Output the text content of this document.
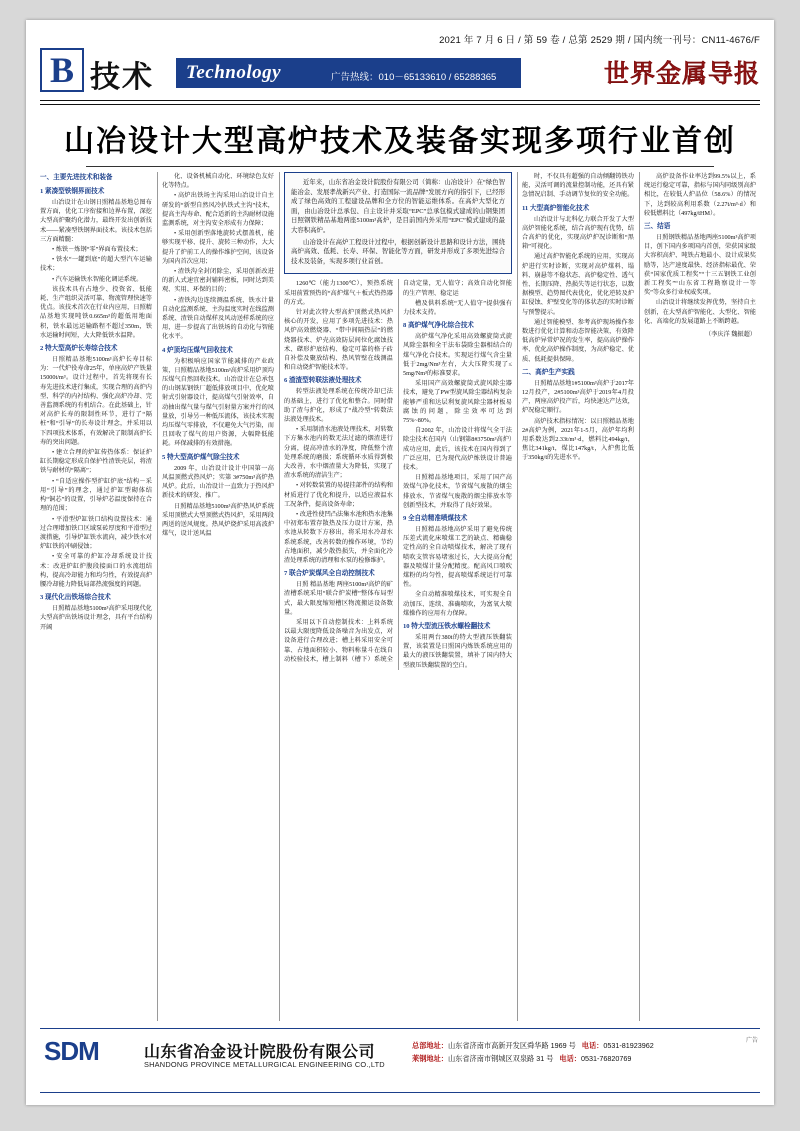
2021 年 7 月 6 日 / 第 59 卷 / 总第 2529 期 / 国内统一刊号：CN11-4676/F
B 技术 Technology	广告热线：010－65133610 / 65288365	世界金属导报
山冶设计大型高炉技术及装备实现多项行业首创
一、主要先进技术和装备
1 紧凑型铁钢界面技术

山冶设计在山钢日照精品基地总图布置方面，优化工序衔接和边界布置，深挖大型高炉聚约化潜力，最终开发出创新技术——紧凑型铁钢界面技术。该技术包括三方面精髓：

• 炼铁－炼钢“零”界面布置技术；

• 铁水“一罐到底”的超大型汽车运输技术；

• 汽车运输铁水智能化调运系统。

该技术具有占地少、投资省、低能耗、生产组织灵活可靠、物流管理快速等优点。该技术首次在行业内应用，日照精品基地实现吨铁0.665m³的超低用地面积，铁水最远运输路程不超过350m，铁水运输时间短，大大降低铁水温降。

2 特大型高炉长寿综合技术

日照精品基地5100m³高炉长寿目标为：一代炉役寿命25年，单座高炉产铁量15000t/m³。设计过程中，首先将现有长寿先进技术进行集成，实现合理的高炉内型、科学的内衬结构、强化高炉冷却、完善监测系统的有机结合。在此基础上，针对高炉长寿的限制性环节，进行了“隔桩”和“引导”的长寿设计理念，并采用以下四项技术体系，有效解决了限制高炉长寿的突出问题。

• 建立合理的炉缸传热体系：保证炉缸长期稳定形成自保护性渣铁壳层，将渣铁与耐材的“隔离”；

• “自适应操作型炉缸炉底”结构－采用“引导”的理念，通过炉缸型砌体结构“铜芯”的设置，引导炉芯温度保持在合理的范围；

• 平滑型炉缸铁口结构设置技术：通过合理增加铁口区域泵砖厚度和平滑型过渡措施，引导炉缸铁水流向，减少铁水对炉缸铁的冲刷侵蚀；

• 安全可靠的炉缸冷却系统设计技术：改进炉缸炉腹段接面口的水流组结构，提高冷却能力和均匀性，有效提高炉腰冷却能力降低局部热流强度的问题。

3 现代化出铁场综合技术

日照精品基地5100m³高炉采用现代化大型高炉出铁场设计理念，具有平台结构开阔

化、设备机械自动化、环境绿色友好化等特点。

• 高炉出铁场主沟采用山冶设计自主研发的“新型自然风冷扒铁式主沟”技术，提高主沟寿命、配合适新的主沟耐材设施监测系统，对主沟安全形成有力保障；

• 采用创新型落地旋转式摆盖机，能够实现平移、提升、旋转三种动作，大大提升了炉前工人的操作维护空间，该设备为国内首次应用；

• 渣铁沟全封闭除尘，采用创新改进的新人式速宜密封辅料密板，同时达到美观、实用、环保的目的；

• 渣铁沟边连续测温系统、铁水计量自动化监测系统、主沟温度实时在线监测系统、渣铁自动煤样及风动送样系统的应用，进一步提高了出铁场的自动化与智能化水平。

4 炉顶均压煤气回收技术

为积极响应国家节能减排的产业政策，日照精品基地5100m³高炉采用炉顶均压煤气自然回收技术。山冶设计在总承包的山钢某钢铁厂超低排放项目中，优化喷射式引射器设计，提高煤气引射效率，自动抽出煤气量与煤气引射量方案并行的风量放，引导另一种低压流体，该技术实现均压煤气零排放，不仅避免大气污染，而且回收了煤气的用户资源，大幅降低能耗。环保减排的有效措施。

5 特大型高炉煤气除尘技术

2009 年，山冶设计设计中国第一高风温顶燃式热风炉；实第 3#750m³高炉热风炉。此后，山冶设计一直致力于热风炉新技术的研发、推广。

日照精品基地5100m³高炉热风炉系统采用顶燃式大型顶燃式热风炉，采用两段两送的送风规度。热风炉烧炉采用高波炉煤气，设计送风温

近年来，山东省冶金设计院股份有限公司（简称：山冶设计）在“绿色智能冶金、发展孝战新兴产业、打造国际一流品牌”发展方向的指引下，已经形成了绿色高效的工程建设品牌和全方位的智能运维体系。在高炉大型化方面，由山冶设计总承包、自主设计并采取“EPC”总承包模式建成的山钢集团日照钢铁精品基地两座5100m³高炉，是目前国内外采用“EPC”模式建成的最大容积高炉。

山冶设计在高炉工程设计过程中，根据创新设计思路和设计方法，围绕高炉高效、低耗、长寿、环保、智能化等方面，研发并形成了多项先进综合技术及装备，实现多项行业首创。

1260℃（能力1300℃），预热系统采用前置预热的“高炉煤气＋板式热热器的方式。

针对此次特大型高炉顶燃式热风炉核心的开发，应用了多项先进技术：热风炉高效燃烧器、“带中间隔热层”的燃烧器技术、炉壳高效防层间位化腐蚀技术、磔形炉底结构、稳定可靠的格子砖自补偿及聚放结构、热风管壁在线测温和自动烧炉智能技术等。

6 渣渣型转联法液处理技术

转型法液处理系统在传统冷却已法的基础上，进行了优化和整合。同时借助了渣与炉化，形成了“战冷型”转数法法液处理技术。

• 采用制渣水池液处理技术，对转数下方集水池内的数无法过滤的烟渣进行分离，提高冲渣水的净度，降低整个渣处理系统的磨损；系统循环水质得到极大改善，水中烟渣量大为降低，实现了渣水系统的清洁生产；

• 对转数装置的易提挂部件的结构和材质进行了优化和提升，以适应液温水工况条件，提高设备寿命；

• 改进性使凹凸法集水池和热水池集中初郑布置存散热及压力设计方案，热水池从转数下方移出，将采用水冷却水系统系统，改善转数的操作环境，节约占地面积，减少散热损失，并全面化冷渣处理系统的清理和水泵的检修维护。

7 联合炉炭煤风全自动控制技术

日照 精品基地 两座5100m³高炉的矿渣槽系统采用“联合炉炭槽”整体布局型式，最大限度缩短槽区物流搬运设备数量。

采用以下自动控制技术：上料系统以最大限度降低设备噪音为出发点，对设备进行合理改进；槽上料采用安全可靠、占地面积较小、物料称量斗在线自动校验技术，槽上制料（槽下）系统全自动定量，无人值守；高效自动化智能的生产管理、稳定运

槽及供料系统“无人值守”提供强有力技术支持。

8 高炉煤气净化综合技术

高炉煤气净化采用高效螺旋筒式旋风除尘器和全干法布袋除尘器相结合的煤气净化合技术。实现运行煤气含尘量低于2mg/Nm³左右，大大压降实现了≤ 5mg/Nm³的标准要求。

采用国产高效螺旋筒式旋风除尘器技术，避免了PW型旋风除尘器结构复杂能够严重和达层利复旋风除尘器材板易腐蚀的问题，除尘效率可达到75%~80%。

自2002 年，山冶设计将煤气全干法除尘技术在国内（山钢第8#3750m³高炉）成功应用，此后，该技术在国内得到了广泛应用，已为现代高炉炼铁设计普遍技术。

日照精品基地项目，采用了国产高效煤气净化技术，节省煤气废散的烟尘排放水、节省煤气废散的烟尘排放水等创新型技术，并取得了良好效果。

9 全自动精准喷煤技术

日照精品基地高炉采用了避免传统压差式流化床喷煤工艺的缺点、精确稳定性高的全自动喷煤技术，解决了现有喷吹支管容易堵塞过长，大大提高分配器及喷煤计量分配精度。配高风口喷吹煤粉的均匀性，提高喷煤系统运行可靠性。

全自动精准喷煤技术，可实现全自动加压、连续、准确喷吹，为富氧大喷煤操作的应用有力保障。

10 特大型流压铁水螺栓翻技术

采用两台380t的特大型液压铁翻装置，该装置是日照国内炼铁系统应用的最大的液压铁翻装置，填补了国内特大型液压铁翻装置的空白。

时，不仅具有超强的自动倾翻铸铁功能，灵活可调的流量控制功能，还具有紧急情况启制、手动调节复位的安全功能。

11 大型高炉智能化技术

山冶设计与北科亿力联合开发了大型高炉智能化系统，结合高炉现有优势，结合高炉的优化，实现高炉炉况诊断和“黑箱”可视化。

通过高炉智能化系统的应用，实现高炉进行实时诊断，实现对高炉煤料、塌料、崩悬等不稳状态、高炉稳定性、透气性、长期压降、热损失等运行状态，以数据模型、趋势图代表优化，优化逆转及炉缸侵蚀、炉壁变化等的体状态的实时诊断与预警提示。

通过智能模型、参考高炉现场操作参数进行优化计算和动态智能决策，有效降低高炉异常炉况的发生率，提高高炉操作率、优化高炉操作制度，为高炉稳定、优质、低耗提供保障。

二、高炉生产实践

日照精品基地1#5100m³高炉于2017年12月投产，2#5100m³高炉于2019年4月投产，两座高炉投产后，均快速达产达效，炉况稳定顺行。

高炉技术指标情况：以日照精品基地2#高炉为例，2021年1-5月，高炉年均利用系数达到2.33t/m³·d，燃料比494kg/t，焦比341kg/t，煤比147kg/t，入炉焦比低于350kg/t的先进水平。

高炉设备作业率达到99.5%以上，系统运行稳定可靠，指标与国内同级别高炉相比，在较低人炉品位（58.6%）的情况下，达到较高利用系数（2.27t/m³·d）和较低燃料比（497kg/tHM）。

三、结语

日照钢铁精品基地两座5100m³高炉项目，创下国内多项国内首创，荣获国家级大容积高炉、吨铁占地最小、设计成果奖励等，达产速度最快、经济指标最优、荣获“国家优质工程奖”“十三五钢铁工业创新工程奖”“山东省工程勘察设计一等奖”等众多行业权威奖项。

山冶设计将继续发挥优势，坚持自主创新，在大型高炉智能化、大型化、智能化、高端化的发展道路上不断跨越。

（李庆洋 魏振超）
SDM	山东省冶金设计院股份有限公司
SHANDONG PROVINCE METALLURGICAL ENGINEERING CO.,LTD
总部地址：山东省济南市高新开发区舜华路 1969 号   电话：0531-81923962
莱钢地址：山东省济南市钢城区双泉路 31 号   电话：0531-76820769
广告
